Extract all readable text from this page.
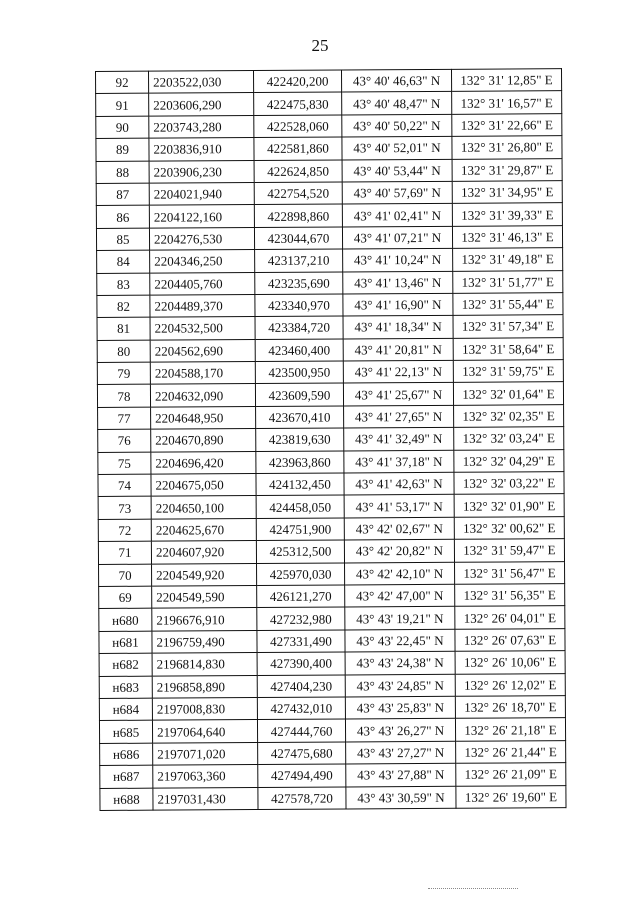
25
92	2203522,030	422420,200	43° 40' 46,63" N	132° 31' 12,85" E
91	2203606,290	422475,830	43° 40' 48,47" N	132° 31' 16,57" E
90	2203743,280	422528,060	43° 40' 50,22" N	132° 31' 22,66" E
89	2203836,910	422581,860	43° 40' 52,01" N	132° 31' 26,80" E
88	2203906,230	422624,850	43° 40' 53,44" N	132° 31' 29,87" E
87	2204021,940	422754,520	43° 40' 57,69" N	132° 31' 34,95" E
86	2204122,160	422898,860	43° 41' 02,41" N	132° 31' 39,33" E
85	2204276,530	423044,670	43° 41' 07,21" N	132° 31' 46,13" E
84	2204346,250	423137,210	43° 41' 10,24" N	132° 31' 49,18" E
83	2204405,760	423235,690	43° 41' 13,46" N	132° 31' 51,77" E
82	2204489,370	423340,970	43° 41' 16,90" N	132° 31' 55,44" E
81	2204532,500	423384,720	43° 41' 18,34" N	132° 31' 57,34" E
80	2204562,690	423460,400	43° 41' 20,81" N	132° 31' 58,64" E
79	2204588,170	423500,950	43° 41' 22,13" N	132° 31' 59,75" E
78	2204632,090	423609,590	43° 41' 25,67" N	132° 32' 01,64" E
77	2204648,950	423670,410	43° 41' 27,65" N	132° 32' 02,35" E
76	2204670,890	423819,630	43° 41' 32,49" N	132° 32' 03,24" E
75	2204696,420	423963,860	43° 41' 37,18" N	132° 32' 04,29" E
74	2204675,050	424132,450	43° 41' 42,63" N	132° 32' 03,22" E
73	2204650,100	424458,050	43° 41' 53,17" N	132° 32' 01,90" E
72	2204625,670	424751,900	43° 42' 02,67" N	132° 32' 00,62" E
71	2204607,920	425312,500	43° 42' 20,82" N	132° 31' 59,47" E
70	2204549,920	425970,030	43° 42' 42,10" N	132° 31' 56,47" E
69	2204549,590	426121,270	43° 42' 47,00" N	132° 31' 56,35" E
н680	2196676,910	427232,980	43° 43' 19,21" N	132° 26' 04,01" E
н681	2196759,490	427331,490	43° 43' 22,45" N	132° 26' 07,63" E
н682	2196814,830	427390,400	43° 43' 24,38" N	132° 26' 10,06" E
н683	2196858,890	427404,230	43° 43' 24,85" N	132° 26' 12,02" E
н684	2197008,830	427432,010	43° 43' 25,83" N	132° 26' 18,70" E
н685	2197064,640	427444,760	43° 43' 26,27" N	132° 26' 21,18" E
н686	2197071,020	427475,680	43° 43' 27,27" N	132° 26' 21,44" E
н687	2197063,360	427494,490	43° 43' 27,88" N	132° 26' 21,09" E
н688	2197031,430	427578,720	43° 43' 30,59" N	132° 26' 19,60" E
